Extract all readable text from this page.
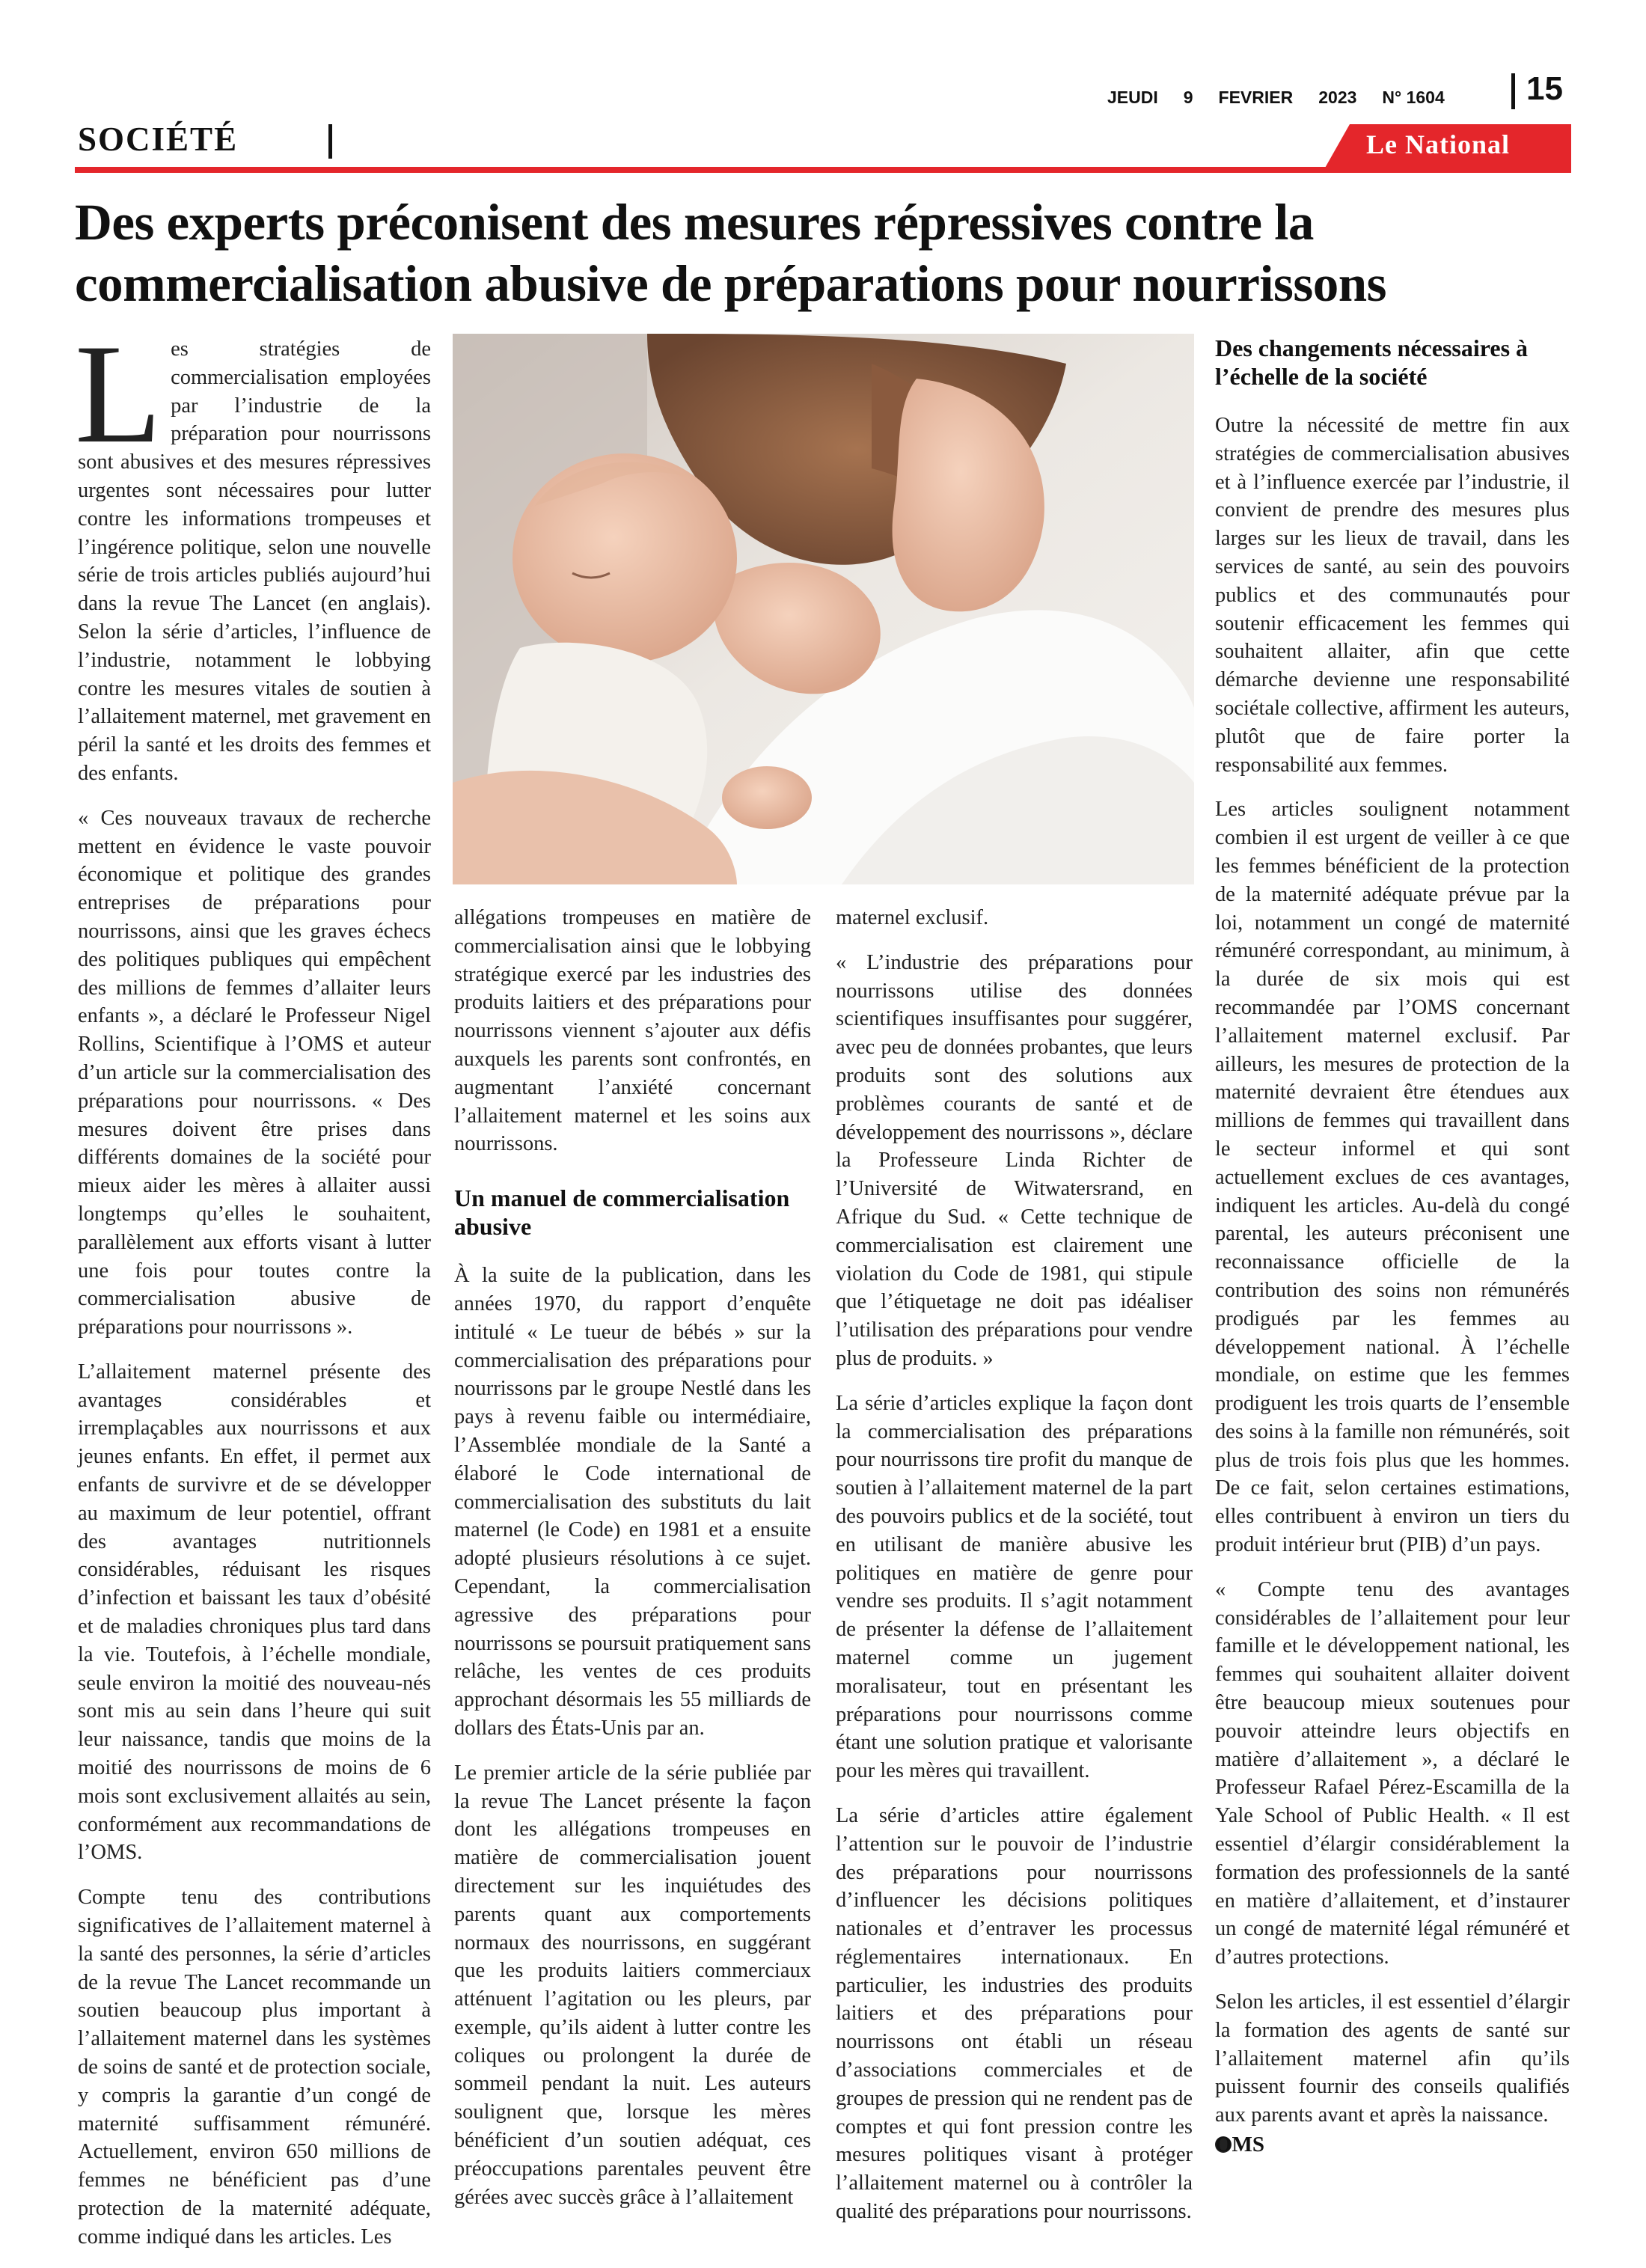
JEUDI 9 FEVRIER 2023 N° 1604 15
SOCIÉTÉ	Le National
Des experts préconisent des mesures répressives contre la commercialisation abusive de préparations pour nourrissons

Les stratégies de commercialisation employées par l’industrie de la préparation pour nourrissons sont abusives et des mesures répressives urgentes sont nécessaires pour lutter contre les informations trompeuses et l’ingérence politique, selon une nouvelle série de trois articles publiés aujourd’hui dans la revue The Lancet (en anglais). Selon la série d’articles, l’influence de l’industrie, notamment le lobbying contre les mesures vitales de soutien à l’allaitement maternel, met gravement en péril la santé et les droits des femmes et des enfants.

« Ces nouveaux travaux de recherche mettent en évidence le vaste pouvoir économique et politique des grandes entreprises de préparations pour nourrissons, ainsi que les graves échecs des politiques publiques qui empêchent des millions de femmes d’allaiter leurs enfants », a déclaré le Professeur Nigel Rollins, Scientifique à l’OMS et auteur d’un article sur la commercialisation des préparations pour nourrissons. « Des mesures doivent être prises dans différents domaines de la société pour mieux aider les mères à allaiter aussi longtemps qu’elles le souhaitent, parallèlement aux efforts visant à lutter une fois pour toutes contre la commercialisation abusive de préparations pour nourrissons ».

L’allaitement maternel présente des avantages considérables et irremplaçables aux nourrissons et aux jeunes enfants. En effet, il permet aux enfants de survivre et de se développer au maximum de leur potentiel, offrant des avantages nutritionnels considérables, réduisant les risques d’infection et baissant les taux d’obésité et de maladies chroniques plus tard dans la vie. Toutefois, à l’échelle mondiale, seule environ la moitié des nouveau-nés sont mis au sein dans l’heure qui suit leur naissance, tandis que moins de la moitié des nourrissons de moins de 6 mois sont exclusivement allaités au sein, conformément aux recommandations de l’OMS.

Compte tenu des contributions significatives de l’allaitement maternel à la santé des personnes, la série d’articles de la revue The Lancet recommande un soutien beaucoup plus important à l’allaitement maternel dans les systèmes de soins de santé et de protection sociale, y compris la garantie d’un congé de maternité suffisamment rémunéré. Actuellement, environ 650 millions de femmes ne bénéficient pas d’une protection de la maternité adéquate, comme indiqué dans les articles. Les

allégations trompeuses en matière de commercialisation ainsi que le lobbying stratégique exercé par les industries des produits laitiers et des préparations pour nourrissons viennent s’ajouter aux défis auxquels les parents sont confrontés, en augmentant l’anxiété concernant l’allaitement maternel et les soins aux nourrissons.

Un manuel de commercialisation abusive

À la suite de la publication, dans les années 1970, du rapport d’enquête intitulé « Le tueur de bébés » sur la commercialisation des préparations pour nourrissons par le groupe Nestlé dans les pays à revenu faible ou intermédiaire, l’Assemblée mondiale de la Santé a élaboré le Code international de commercialisation des substituts du lait maternel (le Code) en 1981 et a ensuite adopté plusieurs résolutions à ce sujet. Cependant, la commercialisation agressive des préparations pour nourrissons se poursuit pratiquement sans relâche, les ventes de ces produits approchant désormais les 55 milliards de dollars des États-Unis par an.

Le premier article de la série publiée par la revue The Lancet présente la façon dont les allégations trompeuses en matière de commercialisation jouent directement sur les inquiétudes des parents quant aux comportements normaux des nourrissons, en suggérant que les produits laitiers commerciaux atténuent l’agitation ou les pleurs, par exemple, qu’ils aident à lutter contre les coliques ou prolongent la durée de sommeil pendant la nuit. Les auteurs soulignent que, lorsque les mères bénéficient d’un soutien adéquat, ces préoccupations parentales peuvent être gérées avec succès grâce à l’allaitement

maternel exclusif.

« L’industrie des préparations pour nourrissons utilise des données scientifiques insuffisantes pour suggérer, avec peu de données probantes, que leurs produits sont des solutions aux problèmes courants de santé et de développement des nourrissons », déclare la Professeure Linda Richter de l’Université de Witwatersrand, en Afrique du Sud. « Cette technique de commercialisation est clairement une violation du Code de 1981, qui stipule que l’étiquetage ne doit pas idéaliser l’utilisation des préparations pour vendre plus de produits. »

La série d’articles explique la façon dont la commercialisation des préparations pour nourrissons tire profit du manque de soutien à l’allaitement maternel de la part des pouvoirs publics et de la société, tout en utilisant de manière abusive les politiques en matière de genre pour vendre ses produits. Il s’agit notamment de présenter la défense de l’allaitement maternel comme un jugement moralisateur, tout en présentant les préparations pour nourrissons comme étant une solution pratique et valorisante pour les mères qui travaillent.

La série d’articles attire également l’attention sur le pouvoir de l’industrie des préparations pour nourrissons d’influencer les décisions politiques nationales et d’entraver les processus réglementaires internationaux. En particulier, les industries des produits laitiers et des préparations pour nourrissons ont établi un réseau d’associations commerciales et de groupes de pression qui ne rendent pas de comptes et qui font pression contre les mesures politiques visant à protéger l’allaitement maternel ou à contrôler la qualité des préparations pour nourrissons.

Des changements nécessaires à l’échelle de la société

Outre la nécessité de mettre fin aux stratégies de commercialisation abusives et à l’influence exercée par l’industrie, il convient de prendre des mesures plus larges sur les lieux de travail, dans les services de santé, au sein des pouvoirs publics et des communautés pour soutenir efficacement les femmes qui souhaitent allaiter, afin que cette démarche devienne une responsabilité sociétale collective, affirment les auteurs, plutôt que de faire porter la responsabilité aux femmes.

Les articles soulignent notamment combien il est urgent de veiller à ce que les femmes bénéficient de la protection de la maternité adéquate prévue par la loi, notamment un congé de maternité rémunéré correspondant, au minimum, à la durée de six mois qui est recommandée par l’OMS concernant l’allaitement maternel exclusif. Par ailleurs, les mesures de protection de la maternité devraient être étendues aux millions de femmes qui travaillent dans le secteur informel et qui sont actuellement exclues de ces avantages, indiquent les articles. Au-delà du congé parental, les auteurs préconisent une reconnaissance officielle de la contribution des soins non rémunérés prodigués par les femmes au développement national. À l’échelle mondiale, on estime que les femmes prodiguent les trois quarts de l’ensemble des soins à la famille non rémunérés, soit plus de trois fois plus que les hommes. De ce fait, selon certaines estimations, elles contribuent à environ un tiers du produit intérieur brut (PIB) d’un pays.

« Compte tenu des avantages considérables de l’allaitement pour leur famille et le développement national, les femmes qui souhaitent allaiter doivent être beaucoup mieux soutenues pour pouvoir atteindre leurs objectifs en matière d’allaitement », a déclaré le Professeur Rafael Pérez-Escamilla de la Yale School of Public Health. « Il est essentiel d’élargir considérablement la formation des professionnels de la santé en matière d’allaitement, et d’instaurer un congé de maternité légal rémunéré et d’autres protections.

Selon les articles, il est essentiel d’élargir la formation des agents de santé sur l’allaitement maternel afin qu’ils puissent fournir des conseils qualifiés aux parents avant et après la naissance.

OMS
